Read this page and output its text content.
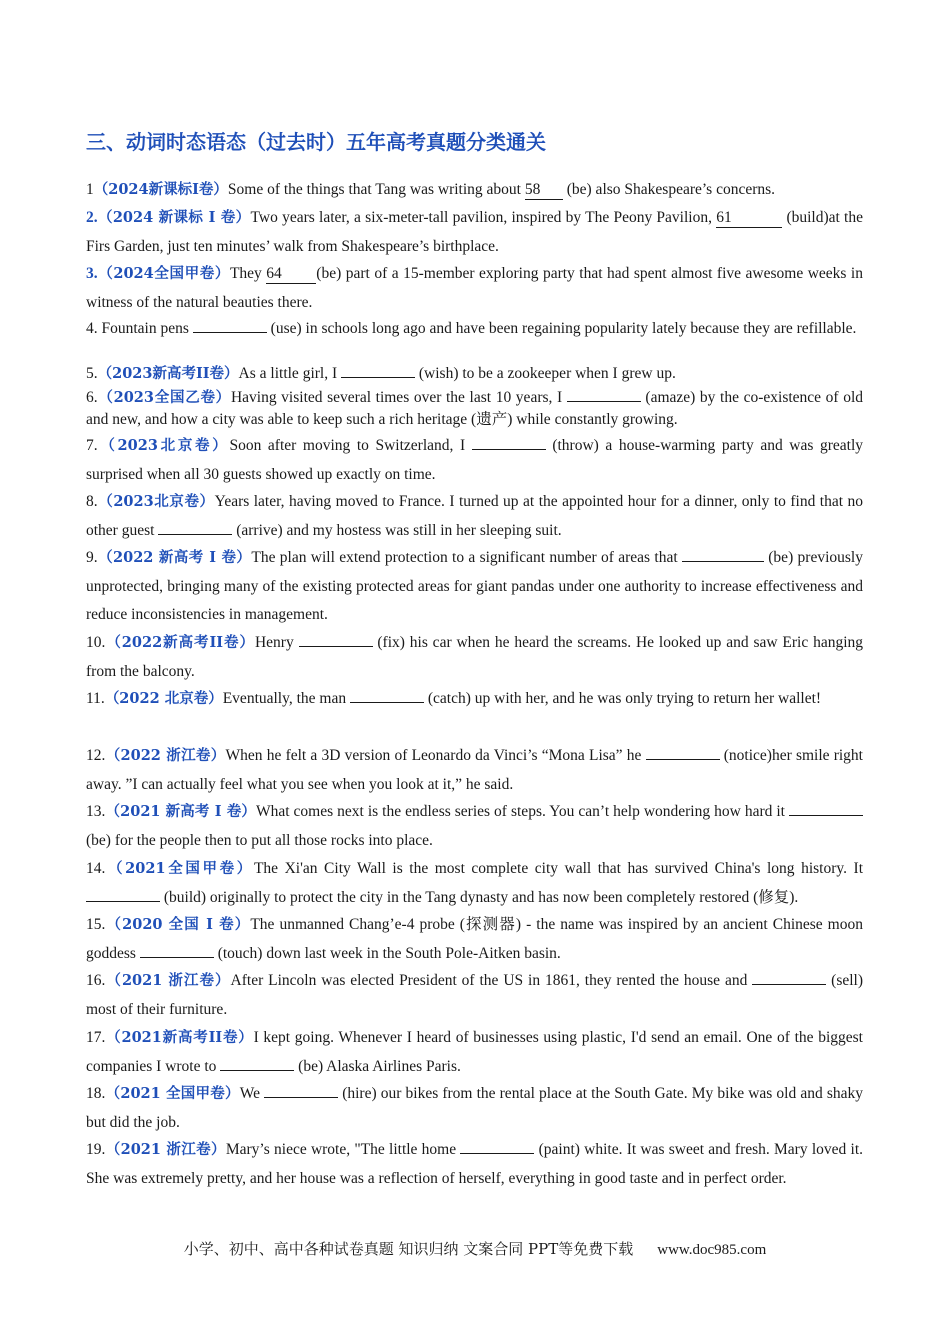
三、动词时态语态（过去时）五年高考真题分类通关
1（2024新课标I卷）Some of the things that Tang was writing about 58 (be) also Shakespeare’s concerns.
2.（2024 新课标 I 卷）Two years later, a six-meter-tall pavilion, inspired by The Peony Pavilion, 61	(build)at the Firs Garden, just ten minutes’ walk from Shakespeare’s birthplace.
3.（2024全国甲卷）They 64 (be) part of a 15-member exploring party that had spent almost five awesome weeks in witness of the natural beauties there.
4. Fountain pens	(use) in schools long ago and have been regaining popularity lately because they are refillable.
5.（2023新高考II卷）As a little girl, I	(wish) to be a zookeeper when I grew up.
6.（2023全国乙卷）Having visited several times over the last 10 years, I	(amaze) by the co-existence of old and new, and how a city was able to keep such a rich heritage (遗产) while constantly growing.
7.（2023北京卷）Soon after moving to Switzerland, I	(throw) a house-warming party and was greatly surprised when all 30 guests showed up exactly on time.
8.（2023北京卷）Years later, having moved to France. I turned up at the appointed hour for a dinner, only to find that no other guest	(arrive) and my hostess was still in her sleeping suit.
9.（2022 新高考 I 卷）The plan will extend protection to a significant number of areas that	(be) previously unprotected, bringing many of the existing protected areas for giant pandas under one authority to increase effectiveness and reduce inconsistencies in management.
10.（2022新高考II卷）Henry	(fix) his car when he heard the screams. He looked up and saw Eric hanging from the balcony.
11.（2022 北京卷）Eventually, the man	(catch) up with her, and he was only trying to return her wallet!
12.（2022 浙江卷）When he felt a 3D version of Leonardo da Vinci’s “Mona Lisa” he	(notice)her smile right away. ”I can actually feel what you see when you look at it,” he said.
13.（2021 新高考 I 卷）What comes next is the endless series of steps. You can’t help wondering how hard it  (be) for the people then to put all those rocks into place.
14.（2021全国甲卷）The Xi'an City Wall is the most complete city wall that has survived China's long history. It  (build) originally to protect the city in the Tang dynasty and has now been completely restored (修复).
15.（2020 全国 I 卷）The unmanned Chang’e-4 probe (探测器) - the name was inspired by an ancient Chinese moon goddess	(touch) down last week in the South Pole-Aitken basin.
16.（2021 浙江卷）After Lincoln was elected President of the US in 1861, they rented the house and	(sell) most of their furniture.
17.（2021新高考II卷）I kept going. Whenever I heard of businesses using plastic, I'd send an email. One of the biggest companies I wrote to	(be) Alaska Airlines Paris.
18.（2021 全国甲卷）We	(hire) our bikes from the rental place at the South Gate. My bike was old and shaky but did the job.
19.（2021 浙江卷）Mary’s niece wrote, "The little home	(paint) white. It was sweet and fresh. Mary loved it. She was extremely pretty, and her house was a reflection of herself, everything in good taste and in perfect order.
小学、初中、高中各种试卷真题 知识归纳 文案合同 PPT等免费下载 www.doc985.com
